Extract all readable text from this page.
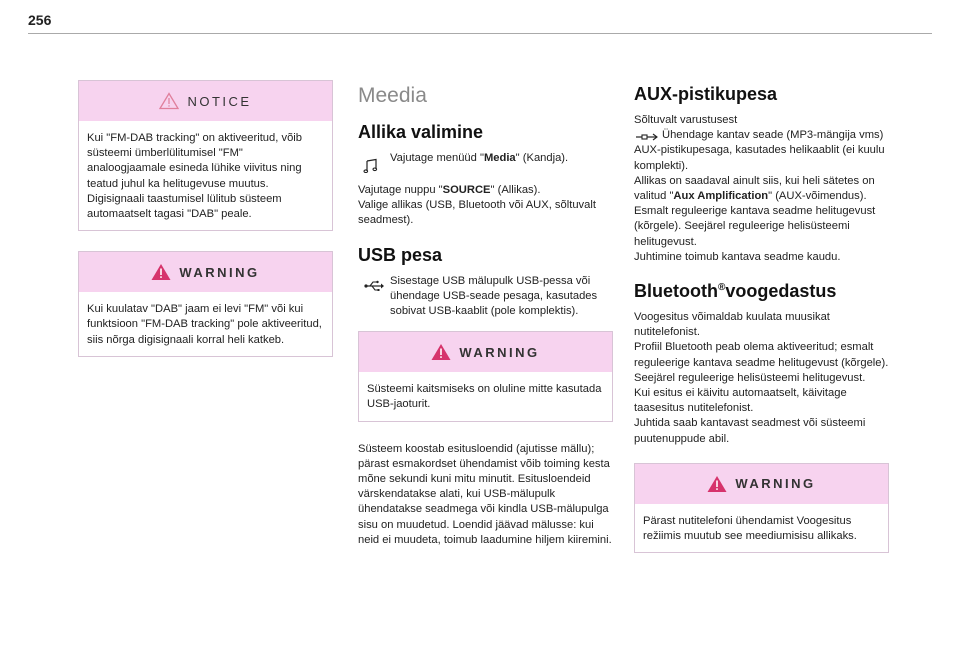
256
NOTICE
Kui "FM-DAB tracking" on aktiveeritud, võib süsteemi ümberlülitumisel "FM" analoogjaamale esineda lühike viivitus ning teatud juhul ka helitugevuse muutus. Digisignaali taastumisel lülitub süsteem automaatselt tagasi "DAB" peale.
WARNING
Kui kuulatav "DAB" jaam ei levi "FM" või kui funktsioon "FM-DAB tracking" pole aktiveeritud, siis nõrga digisignaali korral heli katkeb.
Meedia
Allika valimine
Vajutage menüüd "Media" (Kandja).
Vajutage nuppu "SOURCE" (Allikas).
Valige allikas (USB, Bluetooth või AUX, sõltuvalt seadmest).
USB pesa
Sisestage USB mälupulk USB-pessa või ühendage USB-seade pesaga, kasutades sobivat USB-kaablit (pole komplektis).
WARNING
Süsteemi kaitsmiseks on oluline mitte kasutada USB-jaoturit.
Süsteem koostab esitusloendid (ajutisse mällu); pärast esmakordset ühendamist võib toiming kesta mõne sekundi kuni mitu minutit. Esitusloendeid värskendatakse alati, kui USB-mälupulk ühendatakse seadmega või kindla USB-mälupulga sisu on muudetud. Loendid jäävad mälusse: kui neid ei muudeta, toimub laadumine hiljem kiiremini.
AUX-pistikupesa
Sõltuvalt varustusest
Ühendage kantav seade (MP3-mängija vms) AUX-pistikupesaga, kasutades helikaablit (ei kuulu komplekti).
Allikas on saadaval ainult siis, kui heli sätetes on valitud "Aux Amplification" (AUX-võimendus).
Esmalt reguleerige kantava seadme helitugevust (kõrgele). Seejärel reguleerige helisüsteemi helitugevust.
Juhtimine toimub kantava seadme kaudu.
Bluetooth®voogedastus
Voogesitus võimaldab kuulata muusikat nutitelefonist.
Profiil Bluetooth peab olema aktiveeritud; esmalt reguleerige kantava seadme helitugevust (kõrgele).
Seejärel reguleerige helisüsteemi helitugevust.
Kui esitus ei käivitu automaatselt, käivitage taasesitus nutitelefonist.
Juhtida saab kantavast seadmest või süsteemi puutenuppude abil.
WARNING
Pärast nutitelefoni ühendamist Voogesitus režiimis muutub see meediumisisu allikaks.
